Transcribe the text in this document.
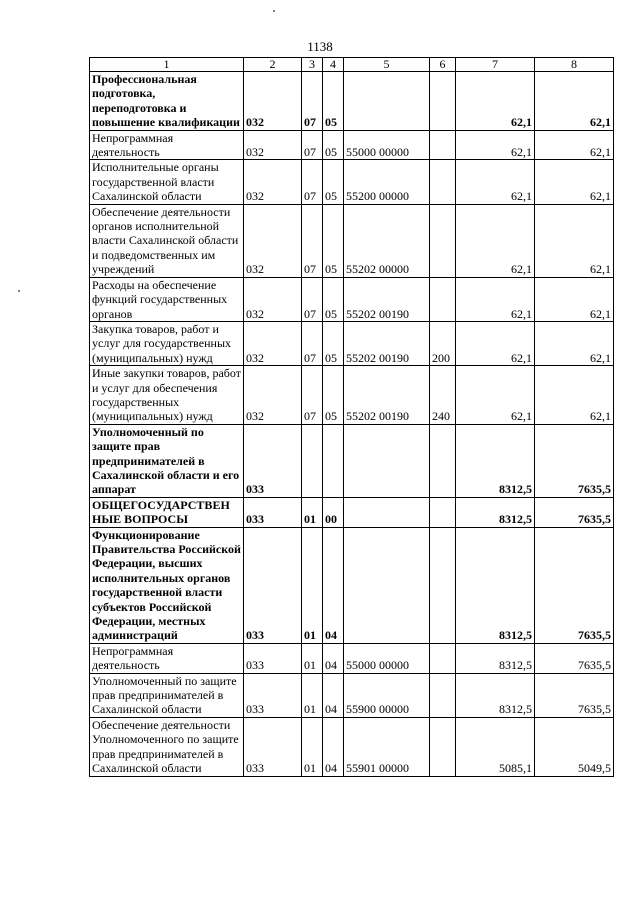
1138
1	2	3	4	5	6	7	8
Профессиональная подготовка, переподготовка и повышение квалификации	032	07	05			62,1	62,1
Непрограммная деятельность	032	07	05	55000 00000		62,1	62,1
Исполнительные органы государственной власти Сахалинской области	032	07	05	55200 00000		62,1	62,1
Обеспечение деятельности органов исполнительной власти Сахалинской области и подведомственных им учреждений	032	07	05	55202 00000		62,1	62,1
Расходы на обеспечение функций государственных органов	032	07	05	55202 00190		62,1	62,1
Закупка товаров, работ и услуг для государственных (муниципальных) нужд	032	07	05	55202 00190	200	62,1	62,1
Иные закупки товаров, работ и услуг для обеспечения государственных (муниципальных) нужд	032	07	05	55202 00190	240	62,1	62,1
Уполномоченный по защите прав предпринимателей в Сахалинской области и его аппарат	033					8312,5	7635,5
ОБЩЕГОСУДАРСТВЕН НЫЕ ВОПРОСЫ	033	01	00			8312,5	7635,5
Функционирование Правительства Российской Федерации, высших исполнительных органов государственной власти субъектов Российской Федерации, местных администраций	033	01	04			8312,5	7635,5
Непрограммная деятельность	033	01	04	55000 00000		8312,5	7635,5
Уполномоченный по защите прав предпринимателей в Сахалинской области	033	01	04	55900 00000		8312,5	7635,5
Обеспечение деятельности Уполномоченного по защите прав предпринимателей в Сахалинской области	033	01	04	55901 00000		5085,1	5049,5
